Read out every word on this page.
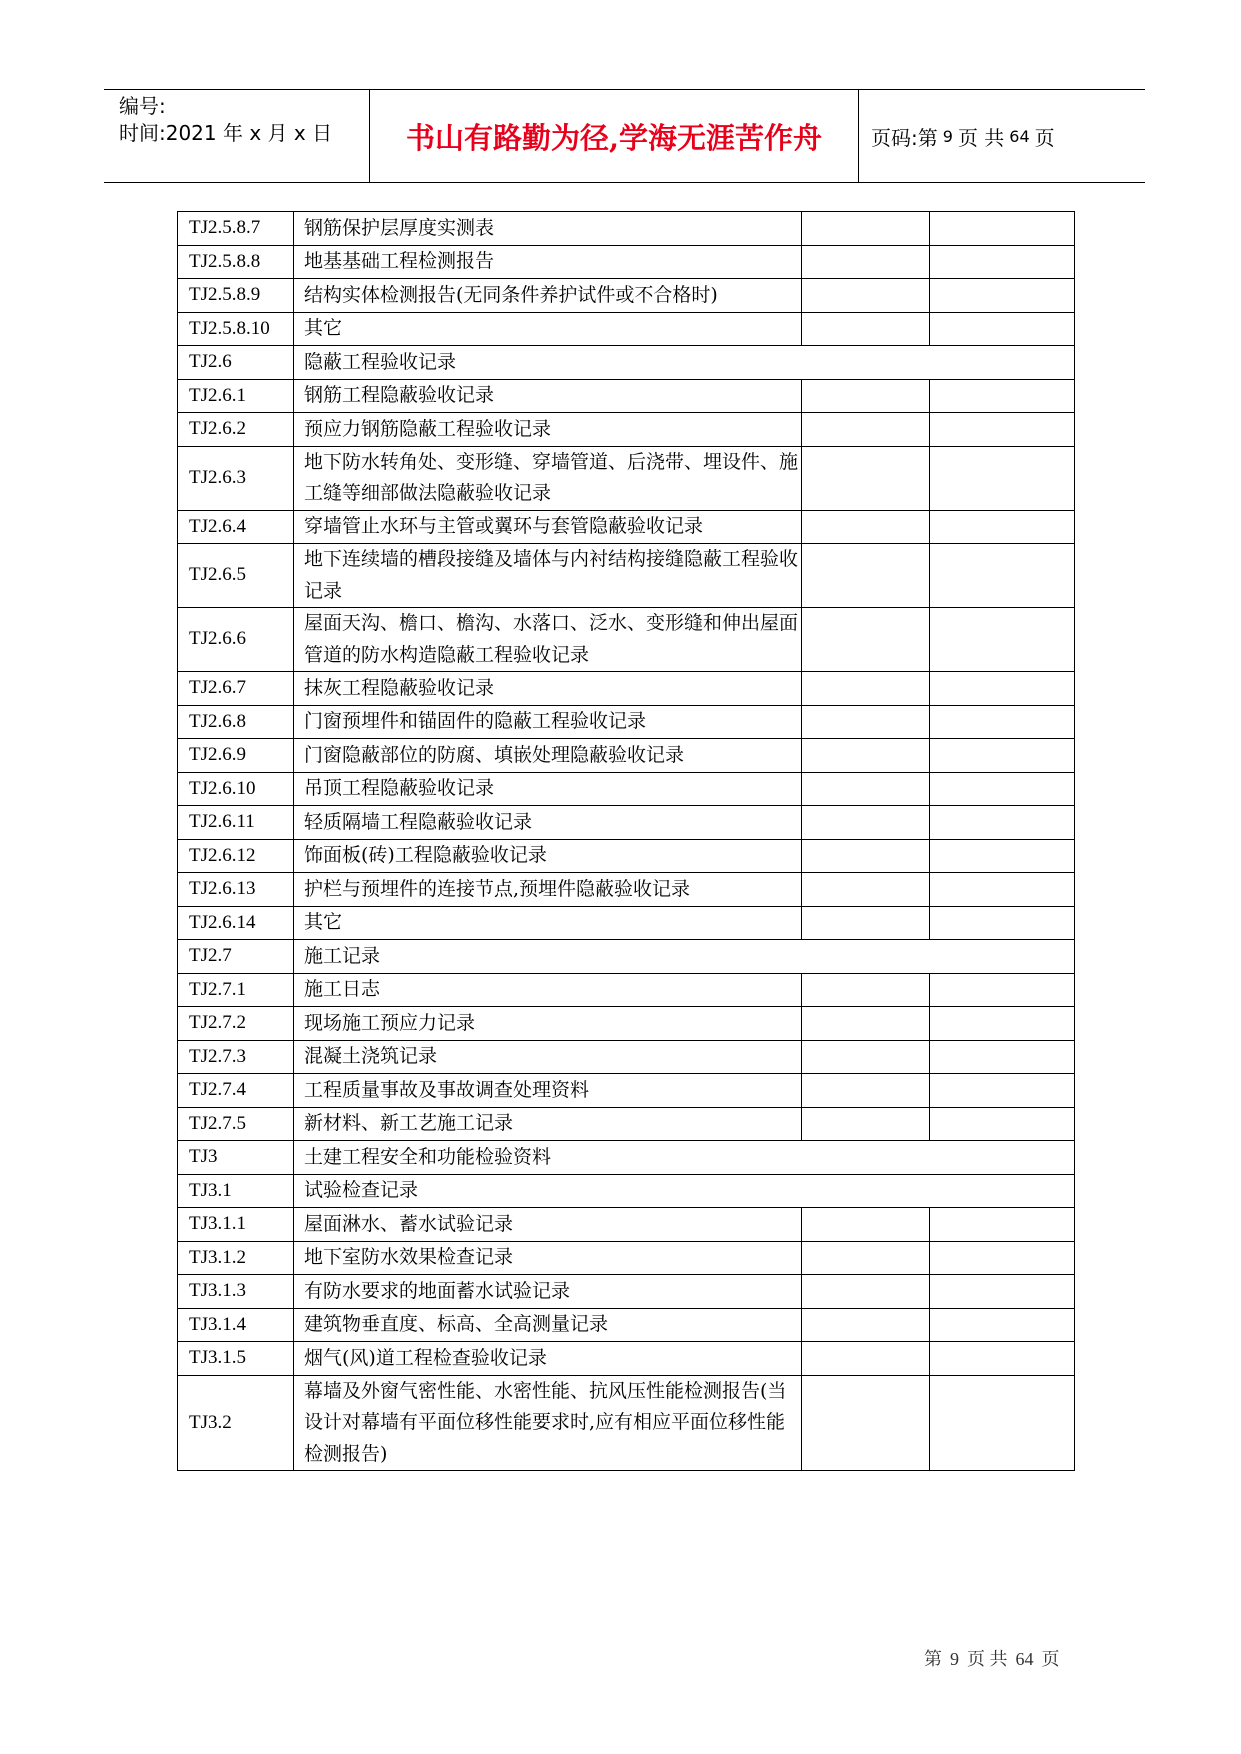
编号:
时间:2021 年 x 月 x 日	书山有路勤为径,学海无涯苦作舟	页码:第 9 页 共 64 页
TJ2.5.8.7	钢筋保护层厚度实测表		
TJ2.5.8.8	地基基础工程检测报告		
TJ2.5.8.9	结构实体检测报告(无同条件养护试件或不合格时)		
TJ2.5.8.10	其它		
TJ2.6	隐蔽工程验收记录		
TJ2.6.1	钢筋工程隐蔽验收记录		
TJ2.6.2	预应力钢筋隐蔽工程验收记录		
TJ2.6.3	地下防水转角处、变形缝、穿墙管道、后浇带、埋设件、施工缝等细部做法隐蔽验收记录		
TJ2.6.4	穿墙管止水环与主管或翼环与套管隐蔽验收记录		
TJ2.6.5	地下连续墙的槽段接缝及墙体与内衬结构接缝隐蔽工程验收记录		
TJ2.6.6	屋面天沟、檐口、檐沟、水落口、泛水、变形缝和伸出屋面管道的防水构造隐蔽工程验收记录		
TJ2.6.7	抹灰工程隐蔽验收记录		
TJ2.6.8	门窗预埋件和锚固件的隐蔽工程验收记录		
TJ2.6.9	门窗隐蔽部位的防腐、填嵌处理隐蔽验收记录		
TJ2.6.10	吊顶工程隐蔽验收记录		
TJ2.6.11	轻质隔墙工程隐蔽验收记录		
TJ2.6.12	饰面板(砖)工程隐蔽验收记录		
TJ2.6.13	护栏与预埋件的连接节点,预埋件隐蔽验收记录		
TJ2.6.14	其它		
TJ2.7	施工记录		
TJ2.7.1	施工日志		
TJ2.7.2	现场施工预应力记录		
TJ2.7.3	混凝土浇筑记录		
TJ2.7.4	工程质量事故及事故调查处理资料		
TJ2.7.5	新材料、新工艺施工记录		
TJ3	土建工程安全和功能检验资料		
TJ3.1	试验检查记录		
TJ3.1.1	屋面淋水、蓄水试验记录		
TJ3.1.2	地下室防水效果检查记录		
TJ3.1.3	有防水要求的地面蓄水试验记录		
TJ3.1.4	建筑物垂直度、标高、全高测量记录		
TJ3.1.5	烟气(风)道工程检查验收记录		
TJ3.2	幕墙及外窗气密性能、水密性能、抗风压性能检测报告(当设计对幕墙有平面位移性能要求时,应有相应平面位移性能检测报告)		
第 9 页 共 64 页
